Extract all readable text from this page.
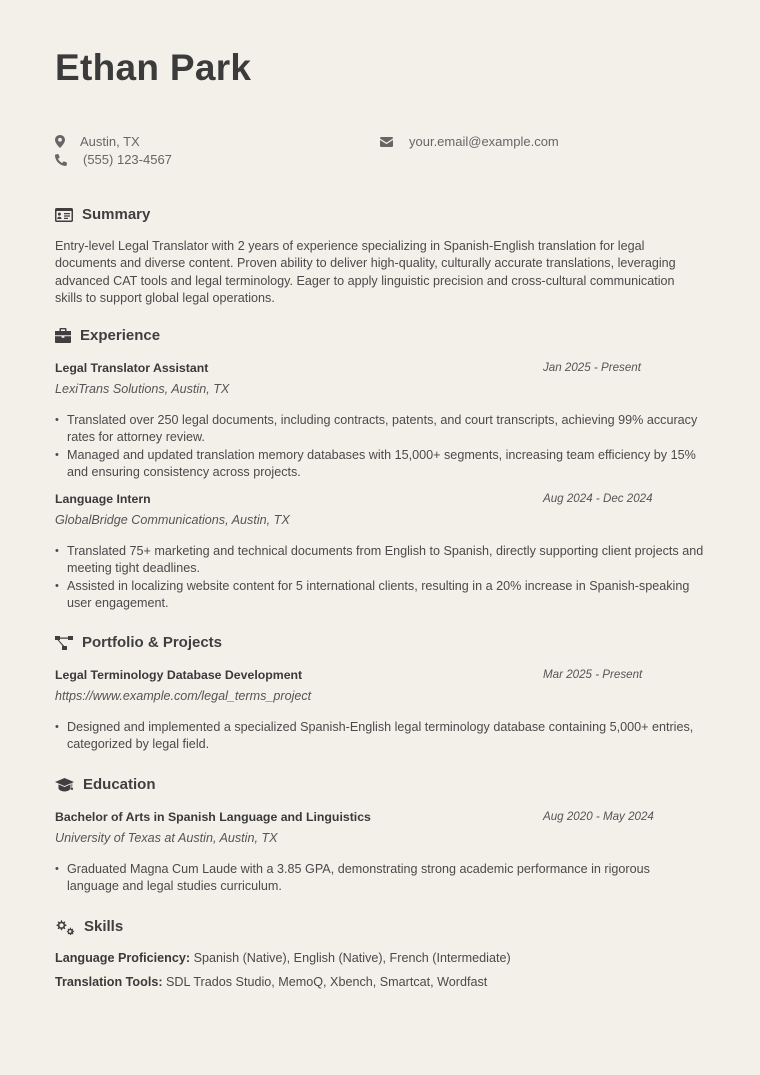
Ethan Park
Austin, TX
(555) 123-4567
your.email@example.com
Summary

Entry-level Legal Translator with 2 years of experience specializing in Spanish-English translation for legal documents and diverse content. Proven ability to deliver high-quality, culturally accurate translations, leveraging advanced CAT tools and legal terminology. Eager to apply linguistic precision and cross-cultural communication skills to support global legal operations.

Experience
Legal Translator Assistant	Jan 2025 - Present
LexiTrans Solutions, Austin, TX
• Translated over 250 legal documents, including contracts, patents, and court transcripts, achieving 99% accuracy rates for attorney review.
• Managed and updated translation memory databases with 15,000+ segments, increasing team efficiency by 15% and ensuring consistency across projects.
Language Intern	Aug 2024 - Dec 2024
GlobalBridge Communications, Austin, TX
• Translated 75+ marketing and technical documents from English to Spanish, directly supporting client projects and meeting tight deadlines.
• Assisted in localizing website content for 5 international clients, resulting in a 20% increase in Spanish-speaking user engagement.
Portfolio & Projects
Legal Terminology Database Development	Mar 2025 - Present
https://www.example.com/legal_terms_project
• Designed and implemented a specialized Spanish-English legal terminology database containing 5,000+ entries, categorized by legal field.
Education
Bachelor of Arts in Spanish Language and Linguistics	Aug 2020 - May 2024
University of Texas at Austin, Austin, TX
• Graduated Magna Cum Laude with a 3.85 GPA, demonstrating strong academic performance in rigorous language and legal studies curriculum.
Skills
Language Proficiency: Spanish (Native), English (Native), French (Intermediate)
Translation Tools: SDL Trados Studio, MemoQ, Xbench, Smartcat, Wordfast
